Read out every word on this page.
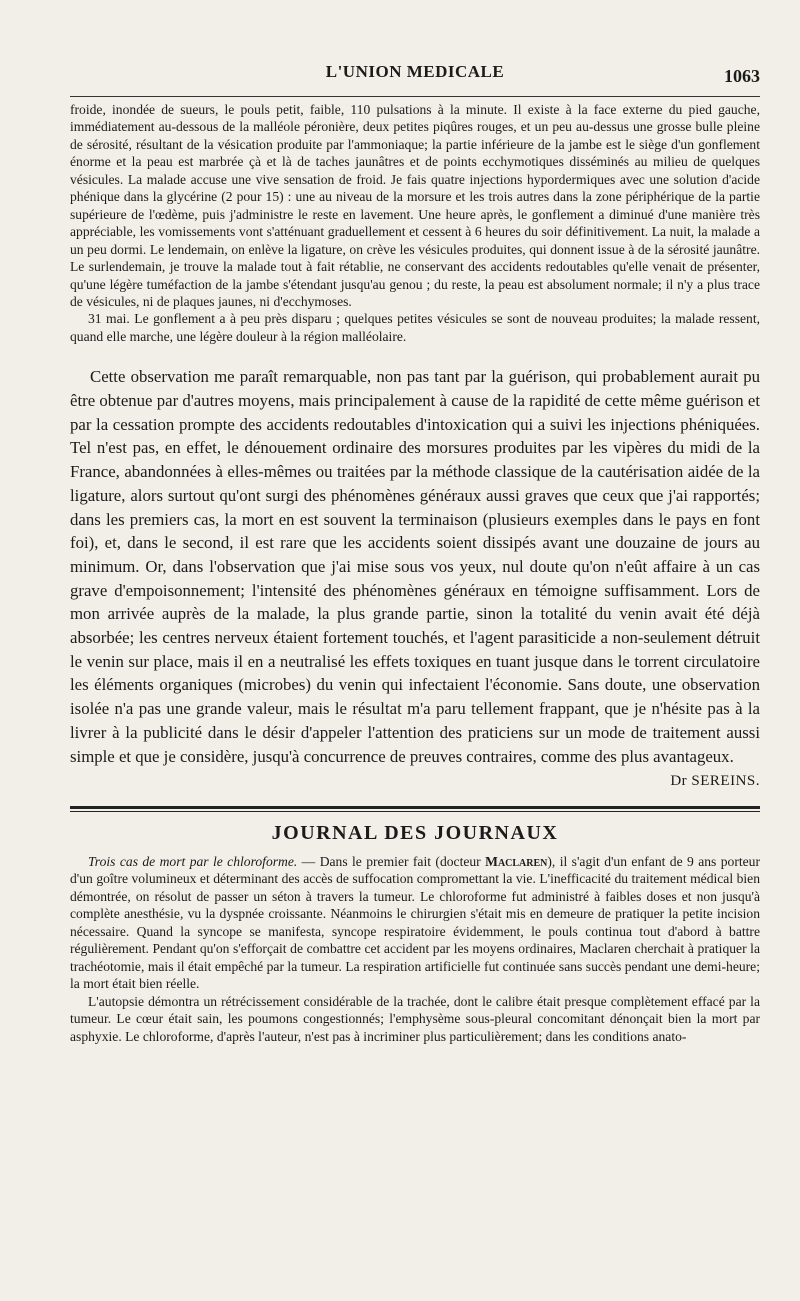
L'UNION MEDICALE	1063

froide, inondée de sueurs, le pouls petit, faible, 110 pulsations à la minute. Il existe à la face externe du pied gauche, immédiatement au-dessous de la malléole péronière, deux petites piqûres rouges, et un peu au-dessus une grosse bulle pleine de sérosité, résultant de la vésication produite par l'ammoniaque; la partie inférieure de la jambe est le siège d'un gonflement énorme et la peau est marbrée çà et là de taches jaunâtres et de points ecchymotiques disséminés au milieu de quelques vésicules. La malade accuse une vive sensation de froid. Je fais quatre injections hypordermiques avec une solution d'acide phénique dans la glycérine (2 pour 15) : une au niveau de la morsure et les trois autres dans la zone périphérique de la partie supérieure de l'œdème, puis j'administre le reste en lavement. Une heure après, le gonflement a diminué d'une manière très appréciable, les vomissements vont s'atténuant graduellement et cessent à 6 heures du soir définitivement. La nuit, la malade a un peu dormi. Le lendemain, on enlève la ligature, on crève les vésicules produites, qui donnent issue à de la sérosité jaunâtre. Le surlendemain, je trouve la malade tout à fait rétablie, ne conservant des accidents redoutables qu'elle venait de présenter, qu'une légère tuméfaction de la jambe s'étendant jusqu'au genou ; du reste, la peau est absolument normale; il n'y a plus trace de vésicules, ni de plaques jaunes, ni d'ecchymoses.

31 mai. Le gonflement a à peu près disparu ; quelques petites vésicules se sont de nouveau produites; la malade ressent, quand elle marche, une légère douleur à la région malléolaire.

Cette observation me paraît remarquable, non pas tant par la guérison, qui probablement aurait pu être obtenue par d'autres moyens, mais principalement à cause de la rapidité de cette même guérison et par la cessation prompte des accidents redoutables d'intoxication qui a suivi les injections phéniquées. Tel n'est pas, en effet, le dénouement ordinaire des morsures produites par les vipères du midi de la France, abandonnées à elles-mêmes ou traitées par la méthode classique de la cautérisation aidée de la ligature, alors surtout qu'ont surgi des phénomènes généraux aussi graves que ceux que j'ai rapportés; dans les premiers cas, la mort en est souvent la terminaison (plusieurs exemples dans le pays en font foi), et, dans le second, il est rare que les accidents soient dissipés avant une douzaine de jours au minimum. Or, dans l'observation que j'ai mise sous vos yeux, nul doute qu'on n'eût affaire à un cas grave d'empoisonnement; l'intensité des phénomènes généraux en témoigne suffisamment. Lors de mon arrivée auprès de la malade, la plus grande partie, sinon la totalité du venin avait été déjà absorbée; les centres nerveux étaient fortement touchés, et l'agent parasiticide a non-seulement détruit le venin sur place, mais il en a neutralisé les effets toxiques en tuant jusque dans le torrent circulatoire les éléments organiques (microbes) du venin qui infectaient l'économie. Sans doute, une observation isolée n'a pas une grande valeur, mais le résultat m'a paru tellement frappant, que je n'hésite pas à la livrer à la publicité dans le désir d'appeler l'attention des praticiens sur un mode de traitement aussi simple et que je considère, jusqu'à concurrence de preuves contraires, comme des plus avantageux.

Dr SEREINS.
JOURNAL DES JOURNAUX

Trois cas de mort par le chloroforme. — Dans le premier fait (docteur Maclaren), il s'agit d'un enfant de 9 ans porteur d'un goître volumineux et déterminant des accès de suffocation compromettant la vie. L'inefficacité du traitement médical bien démontrée, on résolut de passer un séton à travers la tumeur. Le chloroforme fut administré à faibles doses et non jusqu'à complète anesthésie, vu la dyspnée croissante. Néanmoins le chirurgien s'était mis en demeure de pratiquer la petite incision nécessaire. Quand la syncope se manifesta, syncope respiratoire évidemment, le pouls continua tout d'abord à battre régulièrement. Pendant qu'on s'efforçait de combattre cet accident par les moyens ordinaires, Maclaren cherchait à pratiquer la trachéotomie, mais il était empêché par la tumeur. La respiration artificielle fut continuée sans succès pendant une demi-heure; la mort était bien réelle.

L'autopsie démontra un rétrécissement considérable de la trachée, dont le calibre était presque complètement effacé par la tumeur. Le cœur était sain, les poumons congestionnés; l'emphysème sous-pleural concomitant dénonçait bien la mort par asphyxie. Le chloroforme, d'après l'auteur, n'est pas à incriminer plus particulièrement; dans les conditions anato-
